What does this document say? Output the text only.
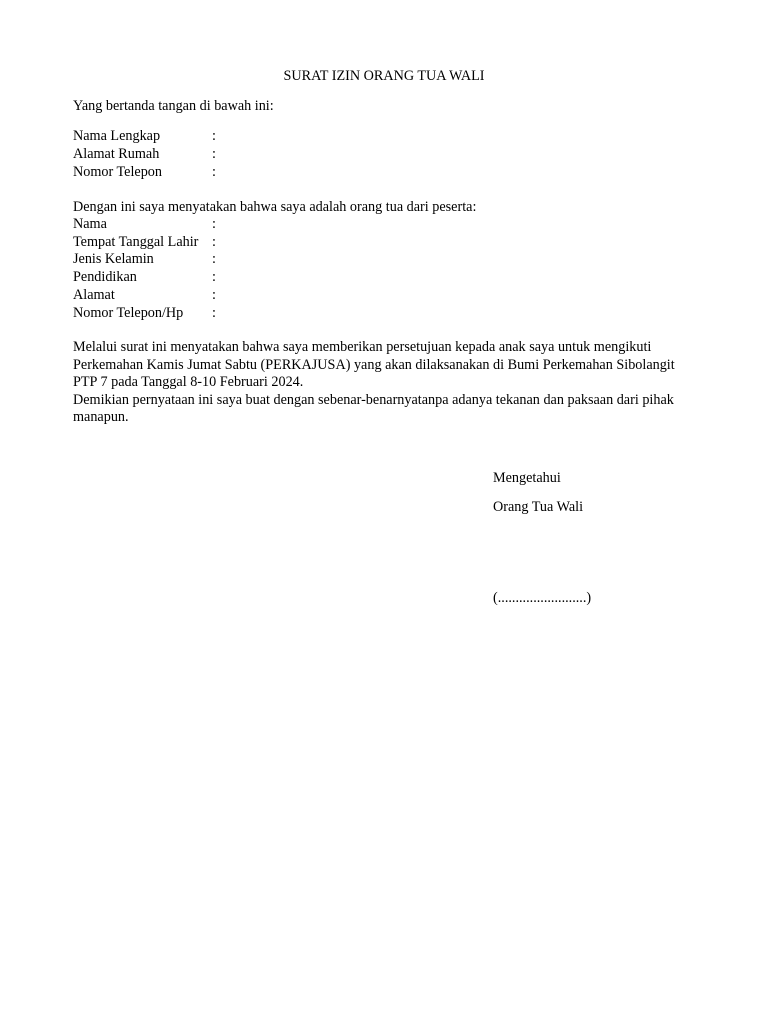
SURAT IZIN ORANG TUA WALI
Yang bertanda tangan di bawah ini:
Nama Lengkap	:
Alamat Rumah	:
Nomor Telepon	:
Dengan ini saya menyatakan bahwa saya adalah orang tua dari peserta:
Nama	:
Tempat Tanggal Lahir :
Jenis Kelamin	:
Pendidikan	:
Alamat	:
Nomor Telepon/Hp	:

Melalui surat ini menyatakan bahwa saya memberikan persetujuan kepada anak saya untuk mengikuti Perkemahan Kamis Jumat Sabtu (PERKAJUSA) yang akan dilaksanakan di Bumi Perkemahan Sibolangit PTP 7 pada Tanggal 8-10 Februari 2024.

Demikian pernyataan ini saya buat dengan sebenar-benarnyatanpa adanya tekanan dan paksaan dari pihak manapun.

Mengetahui
Orang Tua Wali
(.........................)
